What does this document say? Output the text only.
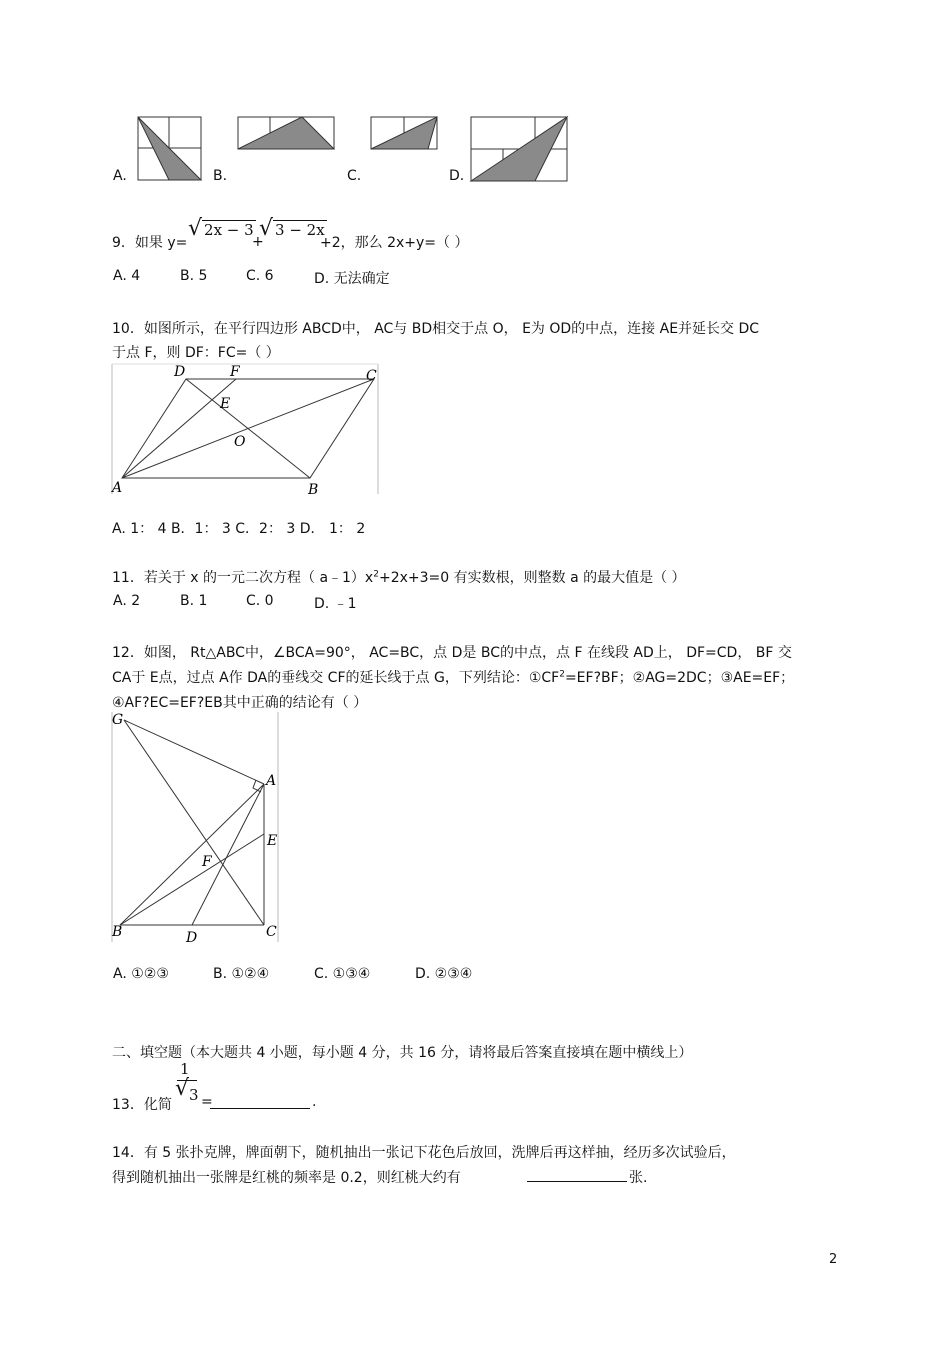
A.	B.	C.	D.
9．如果 y=
√ 2x − 3
+
√ 3 − 2x
+2，那么 2x+y=（ ）
A. 4	B. 5	C. 6	D. 无法确定
10．如图所示，在平行四边形 ABCD中， AC与 BD相交于点 O， E为 OD的中点，连接 AE并延长交 DC
于点 F，则 DF：FC=（ ）
D	F	C
E
O
A	B
A. 1： 4 B．1： 3 C．2： 3 D． 1： 2
11．若关于 x 的一元二次方程（ $a﹣1)x^2+2x+3=0$ 有实数根，则整数 a 的最大值是（ ）
A. 2	B. 1	C. 0	D. ﹣1
12．如图， Rt△ABC中，∠BCA=90°， AC=BC，点 D是 BC的中点，点 F 在线段 AD上， DF=CD， BF 交
CA于 E点，过点 A作 DA的垂线交 CF的延长线于点 G，下列结论：$①CF^2=EF?BF$；②AG=2DC；③AE=EF；
④AF?EC=EF?EB其中正确的结论有（ ）
G
A
E
F
B	D	C
A. ①②③	B. ①②④	C. ①③④	D. ②③④
二、填空题（本大题共 4 小题，每小题 4 分，共 16 分，请将最后答案直接填在题中横线上）
13．化简
1
√ 3 =	.
14．有 5 张扑克牌，牌面朝下，随机抽出一张记下花色后放回，洗牌后再这样抽，经历多次试验后，
得到随机抽出一张牌是红桃的频率是 0.2，则红桃大约有	张.
2
